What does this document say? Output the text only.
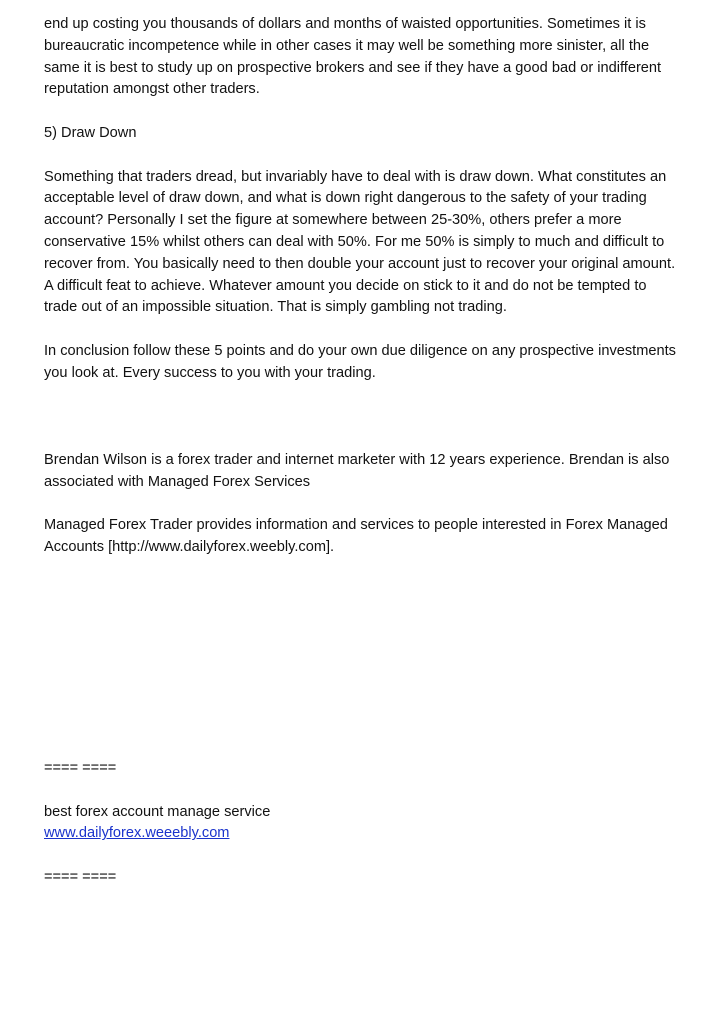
end up costing you thousands of dollars and months of waisted opportunities. Sometimes it is
bureaucratic incompetence while in other cases it may well be something more sinister, all the
same it is best to study up on prospective brokers and see if they have a good bad or indifferent
reputation amongst other traders.
5) Draw Down
Something that traders dread, but invariably have to deal with is draw down. What constitutes an
acceptable level of draw down, and what is down right dangerous to the safety of your trading
account? Personally I set the figure at somewhere between 25-30%, others prefer a more
conservative 15% whilst others can deal with 50%. For me 50% is simply to much and difficult to
recover from. You basically need to then double your account just to recover your original amount.
A difficult feat to achieve. Whatever amount you decide on stick to it and do not be tempted to
trade out of an impossible situation. That is simply gambling not trading.
In conclusion follow these 5 points and do your own due diligence on any prospective investments
you look at. Every success to you with your trading.
Brendan Wilson is a forex trader and internet marketer with 12 years experience. Brendan is also
associated with Managed Forex Services
Managed Forex Trader provides information and services to people interested in Forex Managed
Accounts [http://www.dailyforex.weebly.com].
==== ====
best forex account manage service
www.dailyforex.weeebly.com
==== ====
